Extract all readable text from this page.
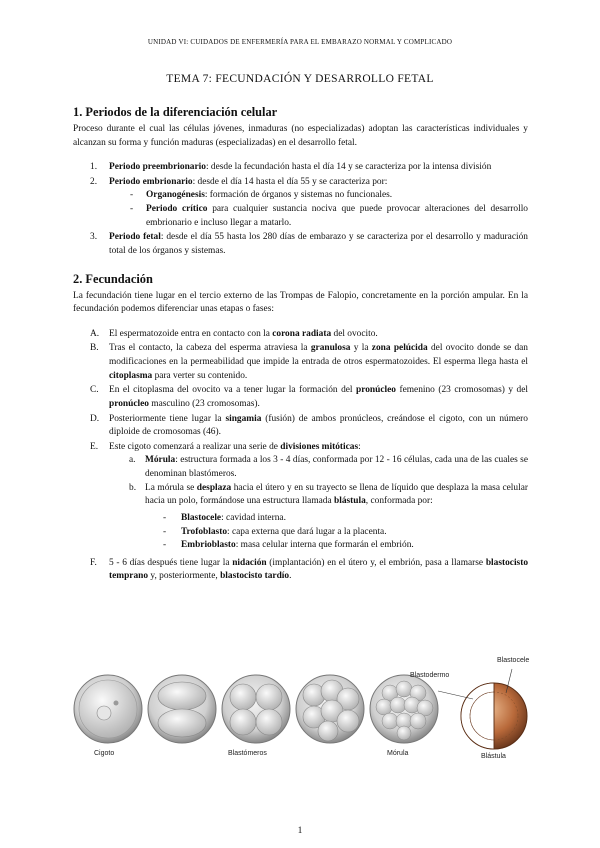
UNIDAD VI: CUIDADOS DE ENFERMERÍA PARA EL EMBARAZO NORMAL Y COMPLICADO
TEMA 7: FECUNDACIÓN Y DESARROLLO FETAL
1. Periodos de la diferenciación celular

Proceso durante el cual las células jóvenes, inmaduras (no especializadas) adoptan las características individuales y alcanzan su forma y función maduras (especializadas) en el desarrollo fetal.

1. Periodo preembrionario: desde la fecundación hasta el día 14 y se caracteriza por la intensa división
2. Periodo embrionario: desde el día 14 hasta el día 55 y se caracteriza por:
- Organogénesis: formación de órganos y sistemas no funcionales.
- Periodo crítico para cualquier sustancia nociva que puede provocar alteraciones del desarrollo embrionario e incluso llegar a matarlo.
3. Periodo fetal: desde el día 55 hasta los 280 días de embarazo y se caracteriza por el desarrollo y maduración total de los órganos y sistemas.
2. Fecundación

La fecundación tiene lugar en el tercio externo de las Trompas de Falopio, concretamente en la porción ampular. En la fecundación podemos diferenciar unas etapas o fases:

A. El espermatozoide entra en contacto con la corona radiata del ovocito.
B. Tras el contacto, la cabeza del esperma atraviesa la granulosa y la zona pelúcida del ovocito donde se dan modificaciones en la permeabilidad que impide la entrada de otros espermatozoides. El esperma llega hasta el citoplasma para verter su contenido.
C. En el citoplasma del ovocito va a tener lugar la formación del pronúcleo femenino (23 cromosomas) y del pronúcleo masculino (23 cromosomas).
D. Posteriormente tiene lugar la singamia (fusión) de ambos pronúcleos, creándose el cigoto, con un número diploide de cromosomas (46).
E. Este cigoto comenzará a realizar una serie de divisiones mitóticas:
a. Mórula: estructura formada a los 3 - 4 días, conformada por 12 - 16 células, cada una de las cuales se denominan blastómeros.
b. La mórula se desplaza hacia el útero y en su trayecto se llena de líquido que desplaza la masa celular hacia un polo, formándose una estructura llamada blástula, conformada por:
- Blastocele: cavidad interna.
- Trofoblasto: capa externa que dará lugar a la placenta.
- Embrioblasto: masa celular interna que formarán el embrión.
F. 5 - 6 días después tiene lugar la nidación (implantación) en el útero y, el embrión, pasa a llamarse blastocisto temprano y, posteriormente, blastocisto tardío.
Cigoto	Blastómeros	Mórula	Blástula
Blastodermo
Blastocele
1
